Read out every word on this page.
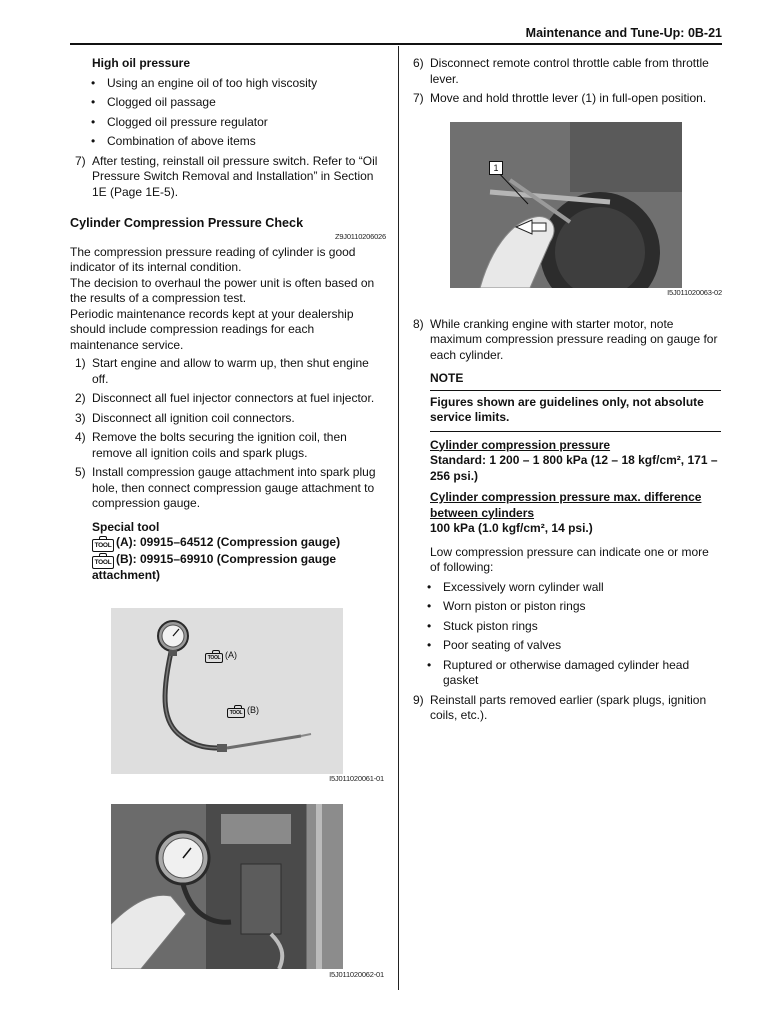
Maintenance and Tune-Up: 0B-21
High oil pressure
• Using an engine oil of too high viscosity
• Clogged oil passage
• Clogged oil pressure regulator
• Combination of above items
7) After testing, reinstall oil pressure switch. Refer to “Oil Pressure Switch Removal and Installation” in Section 1E (Page 1E-5).
Cylinder Compression Pressure Check
Z9J0110206026
The compression pressure reading of cylinder is good indicator of its internal condition.
The decision to overhaul the power unit is often based on the results of a compression test.
Periodic maintenance records kept at your dealership should include compression readings for each maintenance service.
1) Start engine and allow to warm up, then shut engine off.
2) Disconnect all fuel injector connectors at fuel injector.
3) Disconnect all ignition coil connectors.
4) Remove the bolts securing the ignition coil, then remove all ignition coils and spark plugs.
5) Install compression gauge attachment into spark plug hole, then connect compression gauge attachment to compression gauge.
Special tool
TOOL (A): 09915–64512 (Compression gauge)
TOOL (B): 09915–69910 (Compression gauge
attachment)
TOOL (A)
TOOL (B)
I5J011020061-01
I5J011020062-01
6) Disconnect remote control throttle cable from throttle lever.
7) Move and hold throttle lever (1) in full-open position.
8) While cranking engine with starter motor, note maximum compression pressure reading on gauge for each cylinder.
NOTE
Figures shown are guidelines only, not absolute service limits.
Cylinder compression pressure
Standard: 1 200 – 1 800 kPa (12 – 18 kgf/cm², 171 – 256 psi.)
Cylinder compression pressure max. difference between cylinders
100 kPa (1.0 kgf/cm², 14 psi.)
Low compression pressure can indicate one or more of following:
• Excessively worn cylinder wall
• Worn piston or piston rings
• Stuck piston rings
• Poor seating of valves
• Ruptured or otherwise damaged cylinder head gasket
9) Reinstall parts removed earlier (spark plugs, ignition coils, etc.).
1
I5J011020063-02
